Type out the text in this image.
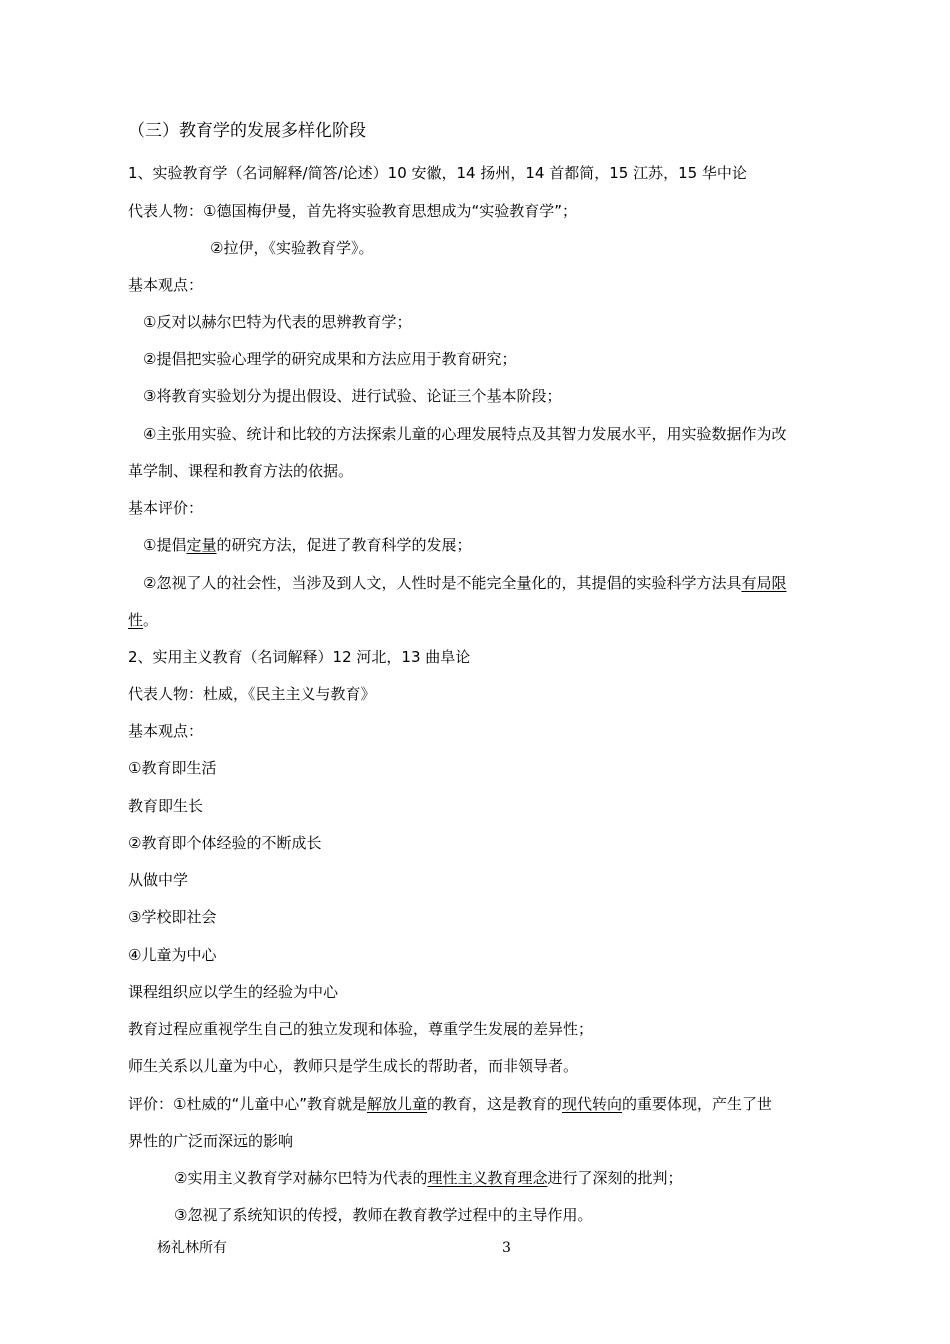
（三）教育学的发展多样化阶段
1、实验教育学（名词解释/简答/论述）10 安徽，14 扬州，14 首都简，15 江苏，15 华中论
代表人物：①德国梅伊曼，首先将实验教育思想成为“实验教育学”；
②拉伊，《实验教育学》。
基本观点：
①反对以赫尔巴特为代表的思辨教育学；
②提倡把实验心理学的研究成果和方法应用于教育研究；
③将教育实验划分为提出假设、进行试验、论证三个基本阶段；
④主张用实验、统计和比较的方法探索儿童的心理发展特点及其智力发展水平，用实验数据作为改
革学制、课程和教育方法的依据。
基本评价：
①提倡定量的研究方法，促进了教育科学的发展；
②忽视了人的社会性，当涉及到人文，人性时是不能完全量化的，其提倡的实验科学方法具有局限
性。
2、实用主义教育（名词解释）12 河北，13 曲阜论
代表人物：杜威，《民主主义与教育》
基本观点：
①教育即生活
教育即生长
②教育即个体经验的不断成长
从做中学
③学校即社会
④儿童为中心
课程组织应以学生的经验为中心
教育过程应重视学生自己的独立发现和体验，尊重学生发展的差异性；
师生关系以儿童为中心，教师只是学生成长的帮助者，而非领导者。
评价：①杜威的“儿童中心”教育就是解放儿童的教育，这是教育的现代转向的重要体现，产生了世
界性的广泛而深远的影响
②实用主义教育学对赫尔巴特为代表的理性主义教育理念进行了深刻的批判；
③忽视了系统知识的传授，教师在教育教学过程中的主导作用。
杨礼林所有	3
